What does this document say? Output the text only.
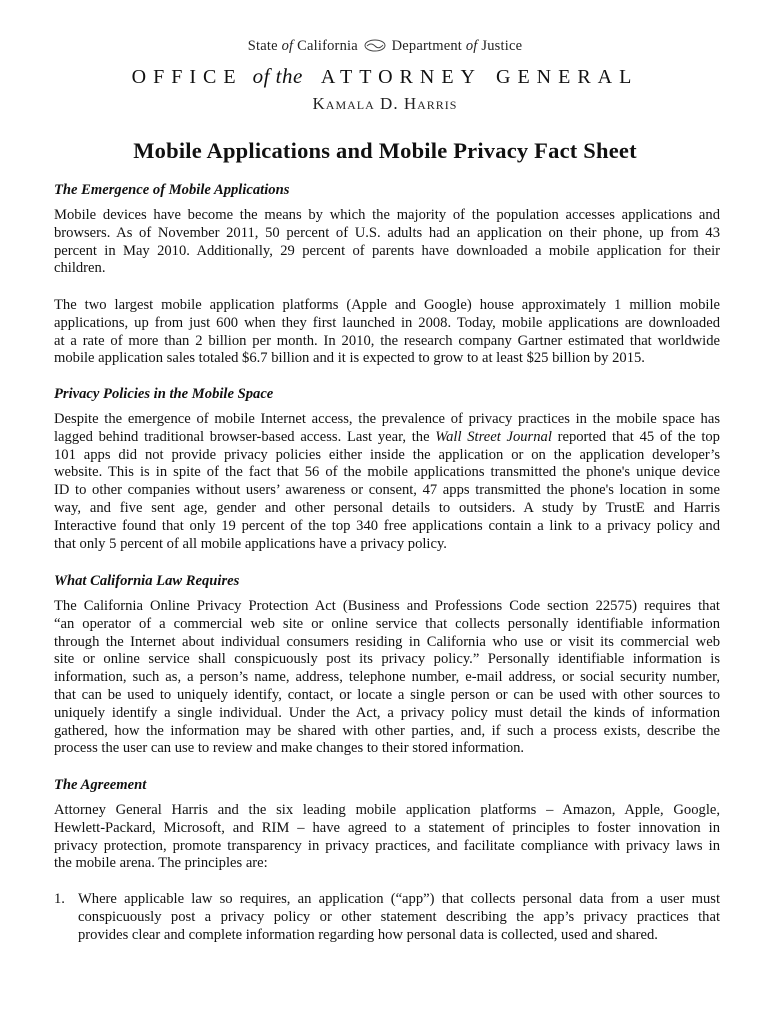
State of California Department of Justice
office of the attorney general
Kamala D. Harris
Mobile Applications and Mobile Privacy Fact Sheet
The Emergence of Mobile Applications
Mobile devices have become the means by which the majority of the population accesses applications and
browsers. As of November 2011, 50 percent of U.S. adults had an application on their phone, up from 43
percent in May 2010. Additionally, 29 percent of parents have downloaded a mobile application for their
children.
The two largest mobile application platforms (Apple and Google) house approximately 1 million mobile
applications, up from just 600 when they first launched in 2008. Today, mobile applications are downloaded
at a rate of more than 2 billion per month. In 2010, the research company Gartner estimated that worldwide
mobile application sales totaled $6.7 billion and it is expected to grow to at least $25 billion by 2015.
Privacy Policies in the Mobile Space
Despite the emergence of mobile Internet access, the prevalence of privacy practices in the mobile space has
lagged behind traditional browser-based access. Last year, the Wall Street Journal reported that 45 of the top
101 apps did not provide privacy policies either inside the application or on the application developer’s
website. This is in spite of the fact that 56 of the mobile applications transmitted the phone's unique device
ID to other companies without users’ awareness or consent, 47 apps transmitted the phone's location in some
way, and five sent age, gender and other personal details to outsiders. A study by TrustE and Harris
Interactive found that only 19 percent of the top 340 free applications contain a link to a privacy policy and
that only 5 percent of all mobile applications have a privacy policy.
What California Law Requires
The California Online Privacy Protection Act (Business and Professions Code section 22575) requires that
“an operator of a commercial web site or online service that collects personally identifiable information
through the Internet about individual consumers residing in California who use or visit its commercial web
site or online service shall conspicuously post its privacy policy.” Personally identifiable information is
information, such as, a person’s name, address, telephone number, e-mail address, or social security number,
that can be used to uniquely identify, contact, or locate a single person or can be used with other sources to
uniquely identify a single individual. Under the Act, a privacy policy must detail the kinds of information
gathered, how the information may be shared with other parties, and, if such a process exists, describe the
process the user can use to review and make changes to their stored information.
The Agreement
Attorney General Harris and the six leading mobile application platforms – Amazon, Apple, Google,
Hewlett-Packard, Microsoft, and RIM – have agreed to a statement of principles to foster innovation in
privacy protection, promote transparency in privacy practices, and facilitate compliance with privacy laws in
the mobile arena. The principles are:
1. Where applicable law so requires, an application (“app”) that collects personal data from a user must
conspicuously post a privacy policy or other statement describing the app’s privacy practices that
provides clear and complete information regarding how personal data is collected, used and shared.
